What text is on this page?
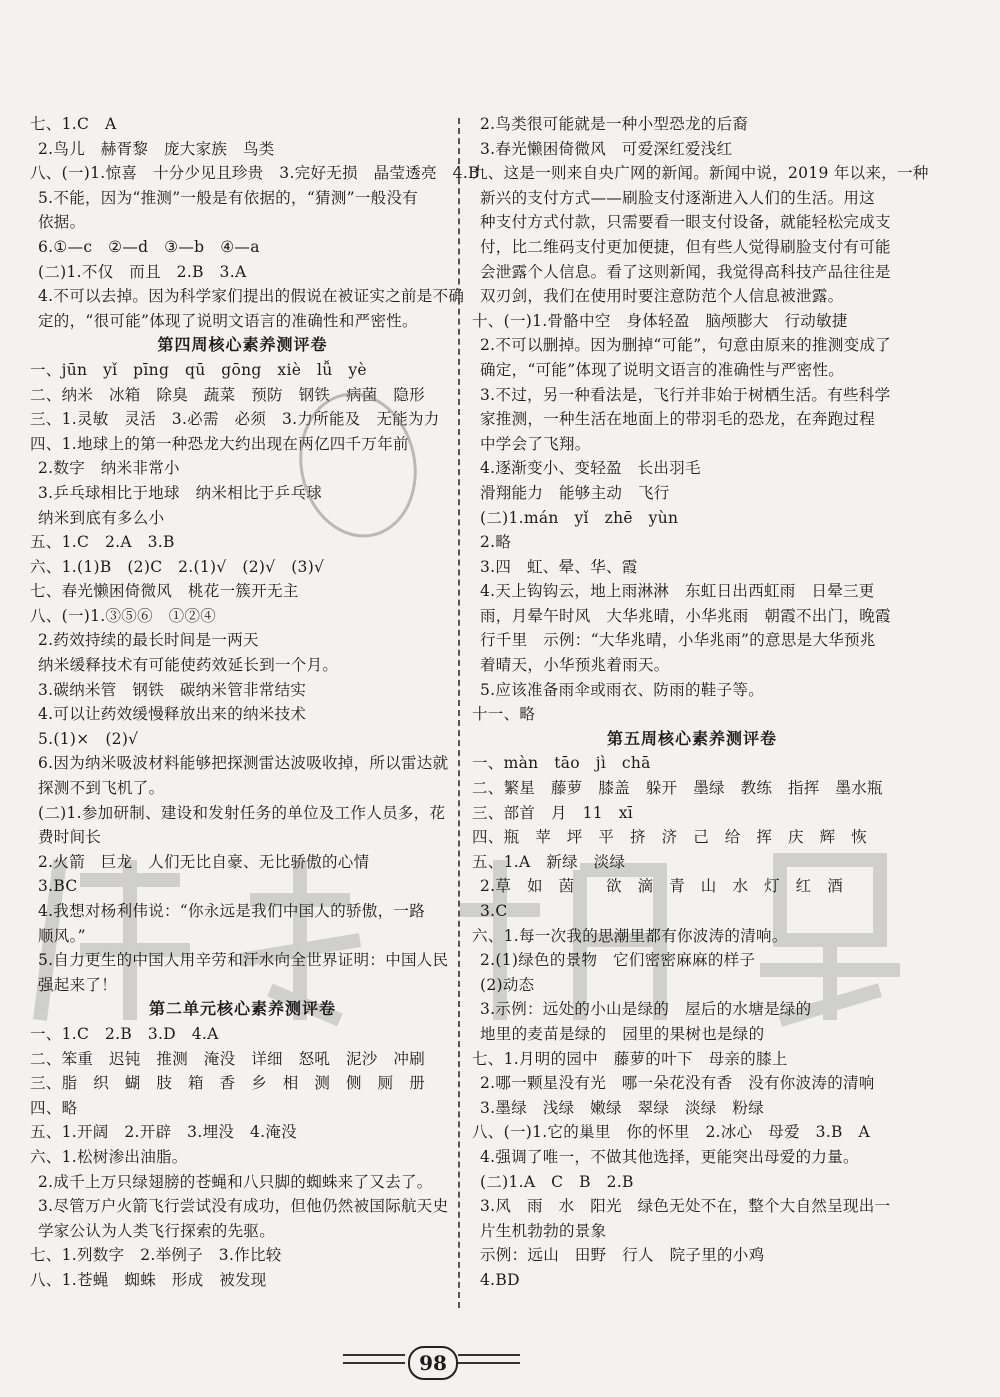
七、1.C　A
2.鸟儿　赫胥黎　庞大家族　鸟类
八、(一)1.惊喜　十分少见且珍贵　3.完好无损　晶莹透亮　4.B
5.不能，因为“推测”一般是有依据的，“猜测”一般没有
依据。
6.①—c　②—d　③—b　④—a
(二)1.不仅　而且　2.B　3.A
4.不可以去掉。因为科学家们提出的假说在被证实之前是不确
定的，“很可能”体现了说明文语言的准确性和严密性。
第四周核心素养测评卷
一、jūn　yǐ　pīng　qū　gōng　xiè　lǚ　yè
二、纳米　冰箱　除臭　蔬菜　预防　钢铁　病菌　隐形
三、1.灵敏　灵活　3.必需　必须　3.力所能及　无能为力
四、1.地球上的第一种恐龙大约出现在两亿四千万年前
2.数字　纳米非常小
3.乒乓球相比于地球　纳米相比于乒乓球
纳米到底有多么小
五、1.C　2.A　3.B
六、1.(1)B　(2)C　2.(1)√　(2)√　(3)√
七、春光懒困倚微风　桃花一簇开无主
八、(一)1.③⑤⑥　①②④
2.药效持续的最长时间是一两天
纳米缓释技术有可能使药效延长到一个月。
3.碳纳米管　钢铁　碳纳米管非常结实
4.可以让药效缓慢释放出来的纳米技术
5.(1)×　(2)√
6.因为纳米吸波材料能够把探测雷达波吸收掉，所以雷达就
探测不到飞机了。
(二)1.参加研制、建设和发射任务的单位及工作人员多，花
费时间长
2.火箭　巨龙　人们无比自豪、无比骄傲的心情
3.BC
4.我想对杨利伟说：“你永远是我们中国人的骄傲，一路
顺风。”
5.自力更生的中国人用辛劳和汗水向全世界证明：中国人民
强起来了！
第二单元核心素养测评卷
一、1.C　2.B　3.D　4.A
二、笨重　迟钝　推测　淹没　详细　怒吼　泥沙　冲刷
三、脂　织　蝴　肢　箱　香　乡　相　测　侧　厕　册
四、略
五、1.开阔　2.开辟　3.埋没　4.淹没
六、1.松树渗出油脂。
2.成千上万只绿翅膀的苍蝇和八只脚的蜘蛛来了又去了。
3.尽管万户火箭飞行尝试没有成功，但他仍然被国际航天史
学家公认为人类飞行探索的先驱。
七、1.列数字　2.举例子　3.作比较
八、1.苍蝇　蜘蛛　形成　被发现
2.鸟类很可能就是一种小型恐龙的后裔
3.春光懒困倚微风　可爱深红爱浅红
九、这是一则来自央广网的新闻。新闻中说，2019 年以来，一种
新兴的支付方式——刷脸支付逐渐进入人们的生活。用这
种支付方式付款，只需要看一眼支付设备，就能轻松完成支
付，比二维码支付更加便捷，但有些人觉得刷脸支付有可能
会泄露个人信息。看了这则新闻，我觉得高科技产品往往是
双刃剑，我们在使用时要注意防范个人信息被泄露。
十、(一)1.骨骼中空　身体轻盈　脑颅膨大　行动敏捷
2.不可以删掉。因为删掉“可能”，句意由原来的推测变成了
确定，“可能”体现了说明文语言的准确性与严密性。
3.不过，另一种看法是，飞行并非始于树栖生活。有些科学
家推测，一种生活在地面上的带羽毛的恐龙，在奔跑过程
中学会了飞翔。
4.逐渐变小、变轻盈　长出羽毛
滑翔能力　能够主动　飞行
(二)1.mán　yǐ　zhē　yùn
2.略
3.四　虹、晕、华、霞
4.天上钩钩云，地上雨淋淋　东虹日出西虹雨　日晕三更
雨，月晕午时风　大华兆晴，小华兆雨　朝霞不出门，晚霞
行千里　示例：“大华兆晴，小华兆雨”的意思是大华预兆
着晴天，小华预兆着雨天。
5.应该准备雨伞或雨衣、防雨的鞋子等。
十一、略
第五周核心素养测评卷
一、màn　tāo　jì　chā
二、繁星　藤萝　膝盖　躲开　墨绿　教练　指挥　墨水瓶
三、部首　月　11　xī
四、瓶　苹　坪　平　挤　济　己　给　挥　庆　辉　恢
五、1.A　新绿　淡绿
2.草　如　茵　　欲　滴　青　山　水　灯　红　酒
3.C
六、1.每一次我的思潮里都有你波涛的清响。
2.(1)绿色的景物　它们密密麻麻的样子
(2)动态
3.示例：远处的小山是绿的　屋后的水塘是绿的
地里的麦苗是绿的　园里的果树也是绿的
七、1.月明的园中　藤萝的叶下　母亲的膝上
2.哪一颗星没有光　哪一朵花没有香　没有你波涛的清响
3.墨绿　浅绿　嫩绿　翠绿　淡绿　粉绿
八、(一)1.它的巢里　你的怀里　2.冰心　母爱　3.B　A
4.强调了唯一，不做其他选择，更能突出母爱的力量。
(二)1.A　C　B　2.B
3.风　雨　水　阳光　绿色无处不在，整个大自然呈现出一
片生机勃勃的景象
示例：远山　田野　行人　院子里的小鸡
4.BD
98
